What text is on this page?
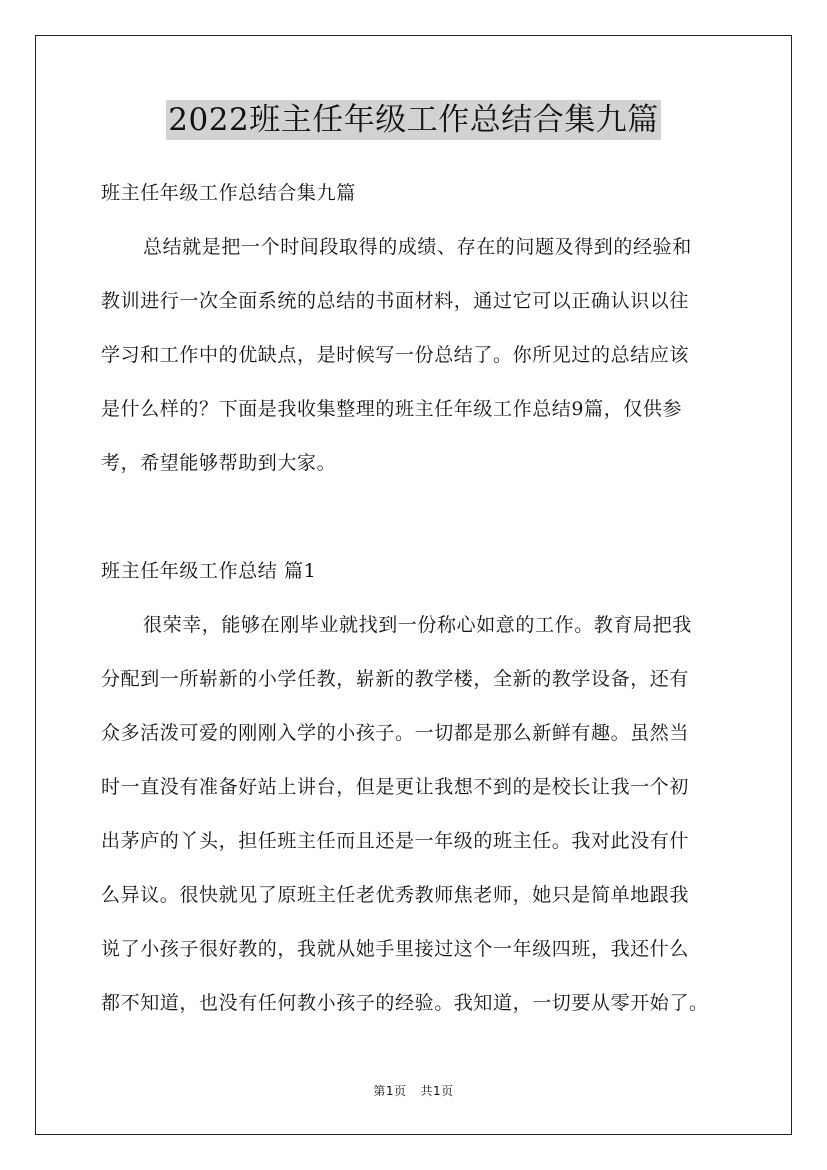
2022班主任年级工作总结合集九篇
班主任年级工作总结合集九篇
总结就是把一个时间段取得的成绩、存在的问题及得到的经验和
教训进行一次全面系统的总结的书面材料，通过它可以正确认识以往
学习和工作中的优缺点，是时候写一份总结了。你所见过的总结应该
是什么样的？下面是我收集整理的班主任年级工作总结9篇，仅供参
考，希望能够帮助到大家。
班主任年级工作总结 篇1
很荣幸，能够在刚毕业就找到一份称心如意的工作。教育局把我
分配到一所崭新的小学任教，崭新的教学楼，全新的教学设备，还有
众多活泼可爱的刚刚入学的小孩子。一切都是那么新鲜有趣。虽然当
时一直没有准备好站上讲台，但是更让我想不到的是校长让我一个初
出茅庐的丫头，担任班主任而且还是一年级的班主任。我对此没有什
么异议。很快就见了原班主任老优秀教师焦老师，她只是简单地跟我
说了小孩子很好教的，我就从她手里接过这个一年级四班，我还什么
都不知道，也没有任何教小孩子的经验。我知道，一切要从零开始了。
第1页 共1页
